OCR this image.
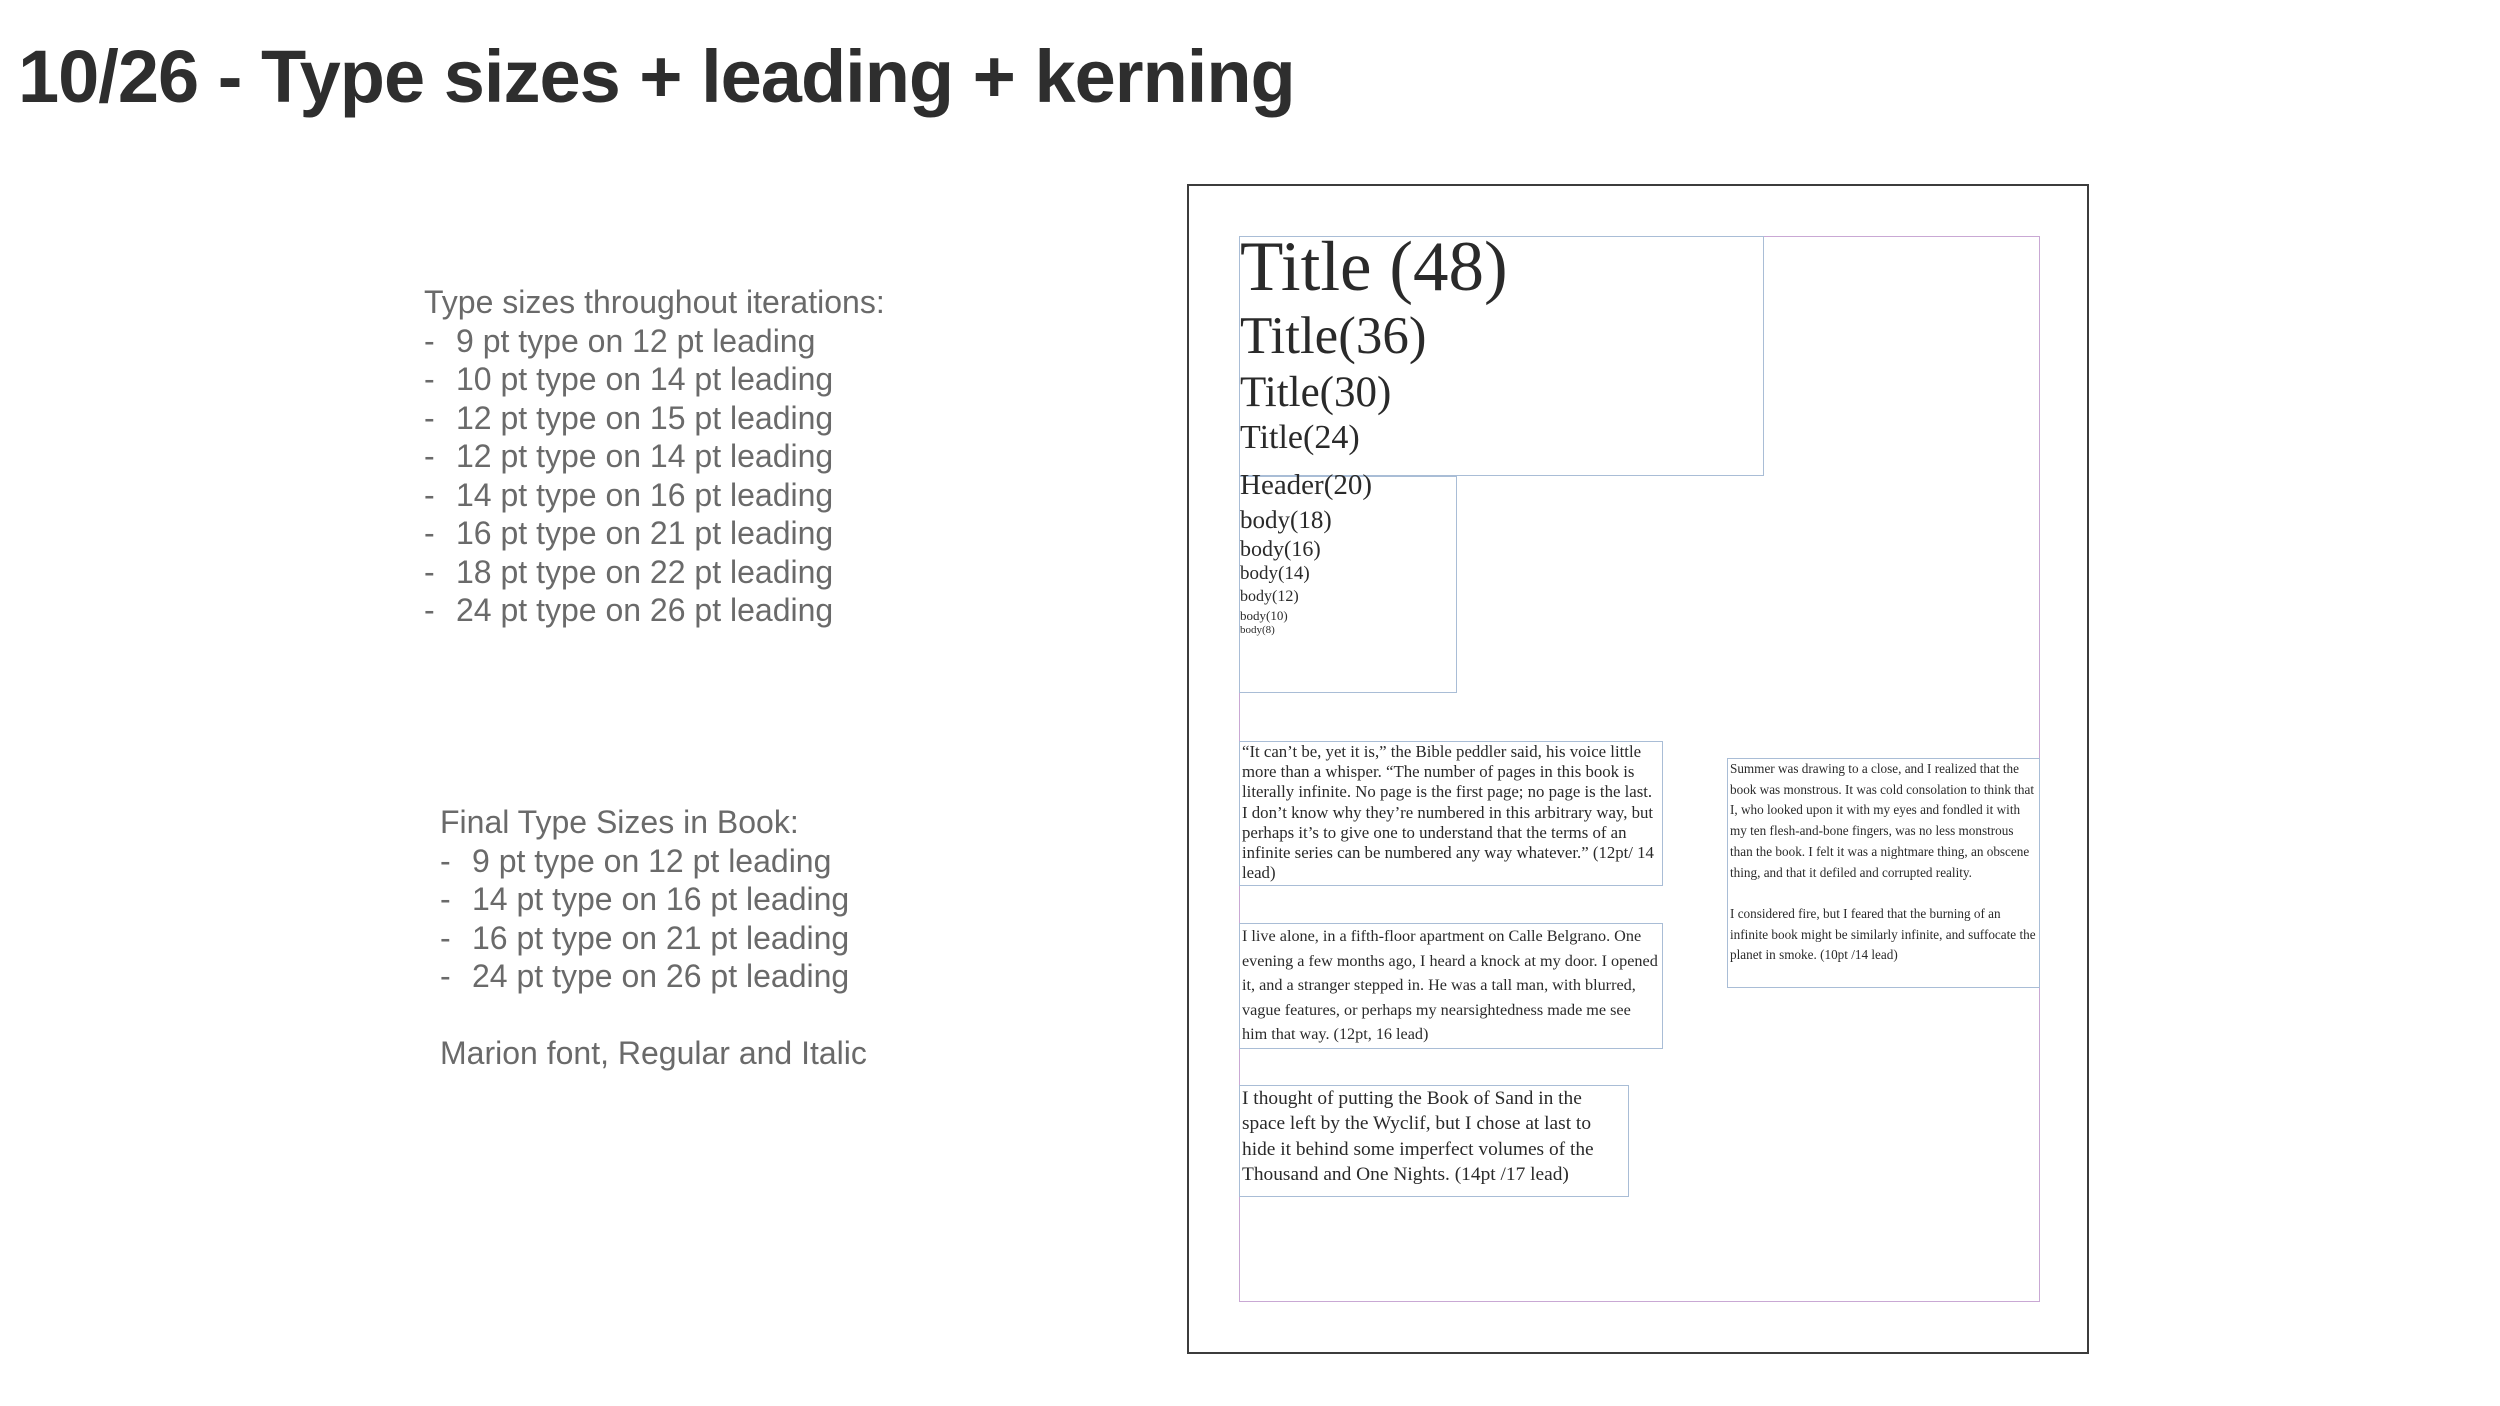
10/26 - Type sizes + leading + kerning
Type sizes throughout iterations:
- 9 pt type on 12 pt leading
- 10 pt type on 14 pt leading
- 12 pt type on 15 pt leading
- 12 pt type on 14 pt leading
- 14 pt type on 16 pt leading
- 16 pt type on 21 pt leading
- 18 pt type on 22 pt leading
- 24 pt type on 26 pt leading
Final Type Sizes in Book:
- 9 pt type on 12 pt leading
- 14 pt type on 16 pt leading
- 16 pt type on 21 pt leading
- 24 pt type on 26 pt leading
Marion font, Regular and Italic
Title (48)
Title(36)
Title(30)
Title(24)
Header(20)
body(18)
body(16)
body(14)
body(12)
body(10)
body(8)

“It can’t be, yet it is,” the Bible peddler said, his voice little more than a whisper. “The number of pages in this book is literally infinite. No page is the first page; no page is the last. I don’t know why they’re numbered in this arbitrary way, but perhaps it’s to give one to understand that the terms of an infinite series can be numbered any way whatever.” (12pt/ 14 lead)

I live alone, in a fifth-floor apartment on Calle Belgrano. One evening a few months ago, I heard a knock at my door. I opened it, and a stranger stepped in. He was a tall man, with blurred, vague features, or perhaps my nearsightedness made me see him that way. (12pt, 16 lead)

I thought of putting the Book of Sand in the space left by the Wyclif, but I chose at last to hide it behind some imperfect volumes of the Thousand and One Nights. (14pt /17 lead)

Summer was drawing to a close, and I realized that the book was monstrous. It was cold consolation to think that I, who looked upon it with my eyes and fondled it with my ten flesh-and-bone fingers, was no less monstrous than the book. I felt it was a nightmare thing, an obscene thing, and that it defiled and corrupted reality.

I considered fire, but I feared that the burning of an infinite book might be similarly infinite, and suffocate the planet in smoke. (10pt /14 lead)
